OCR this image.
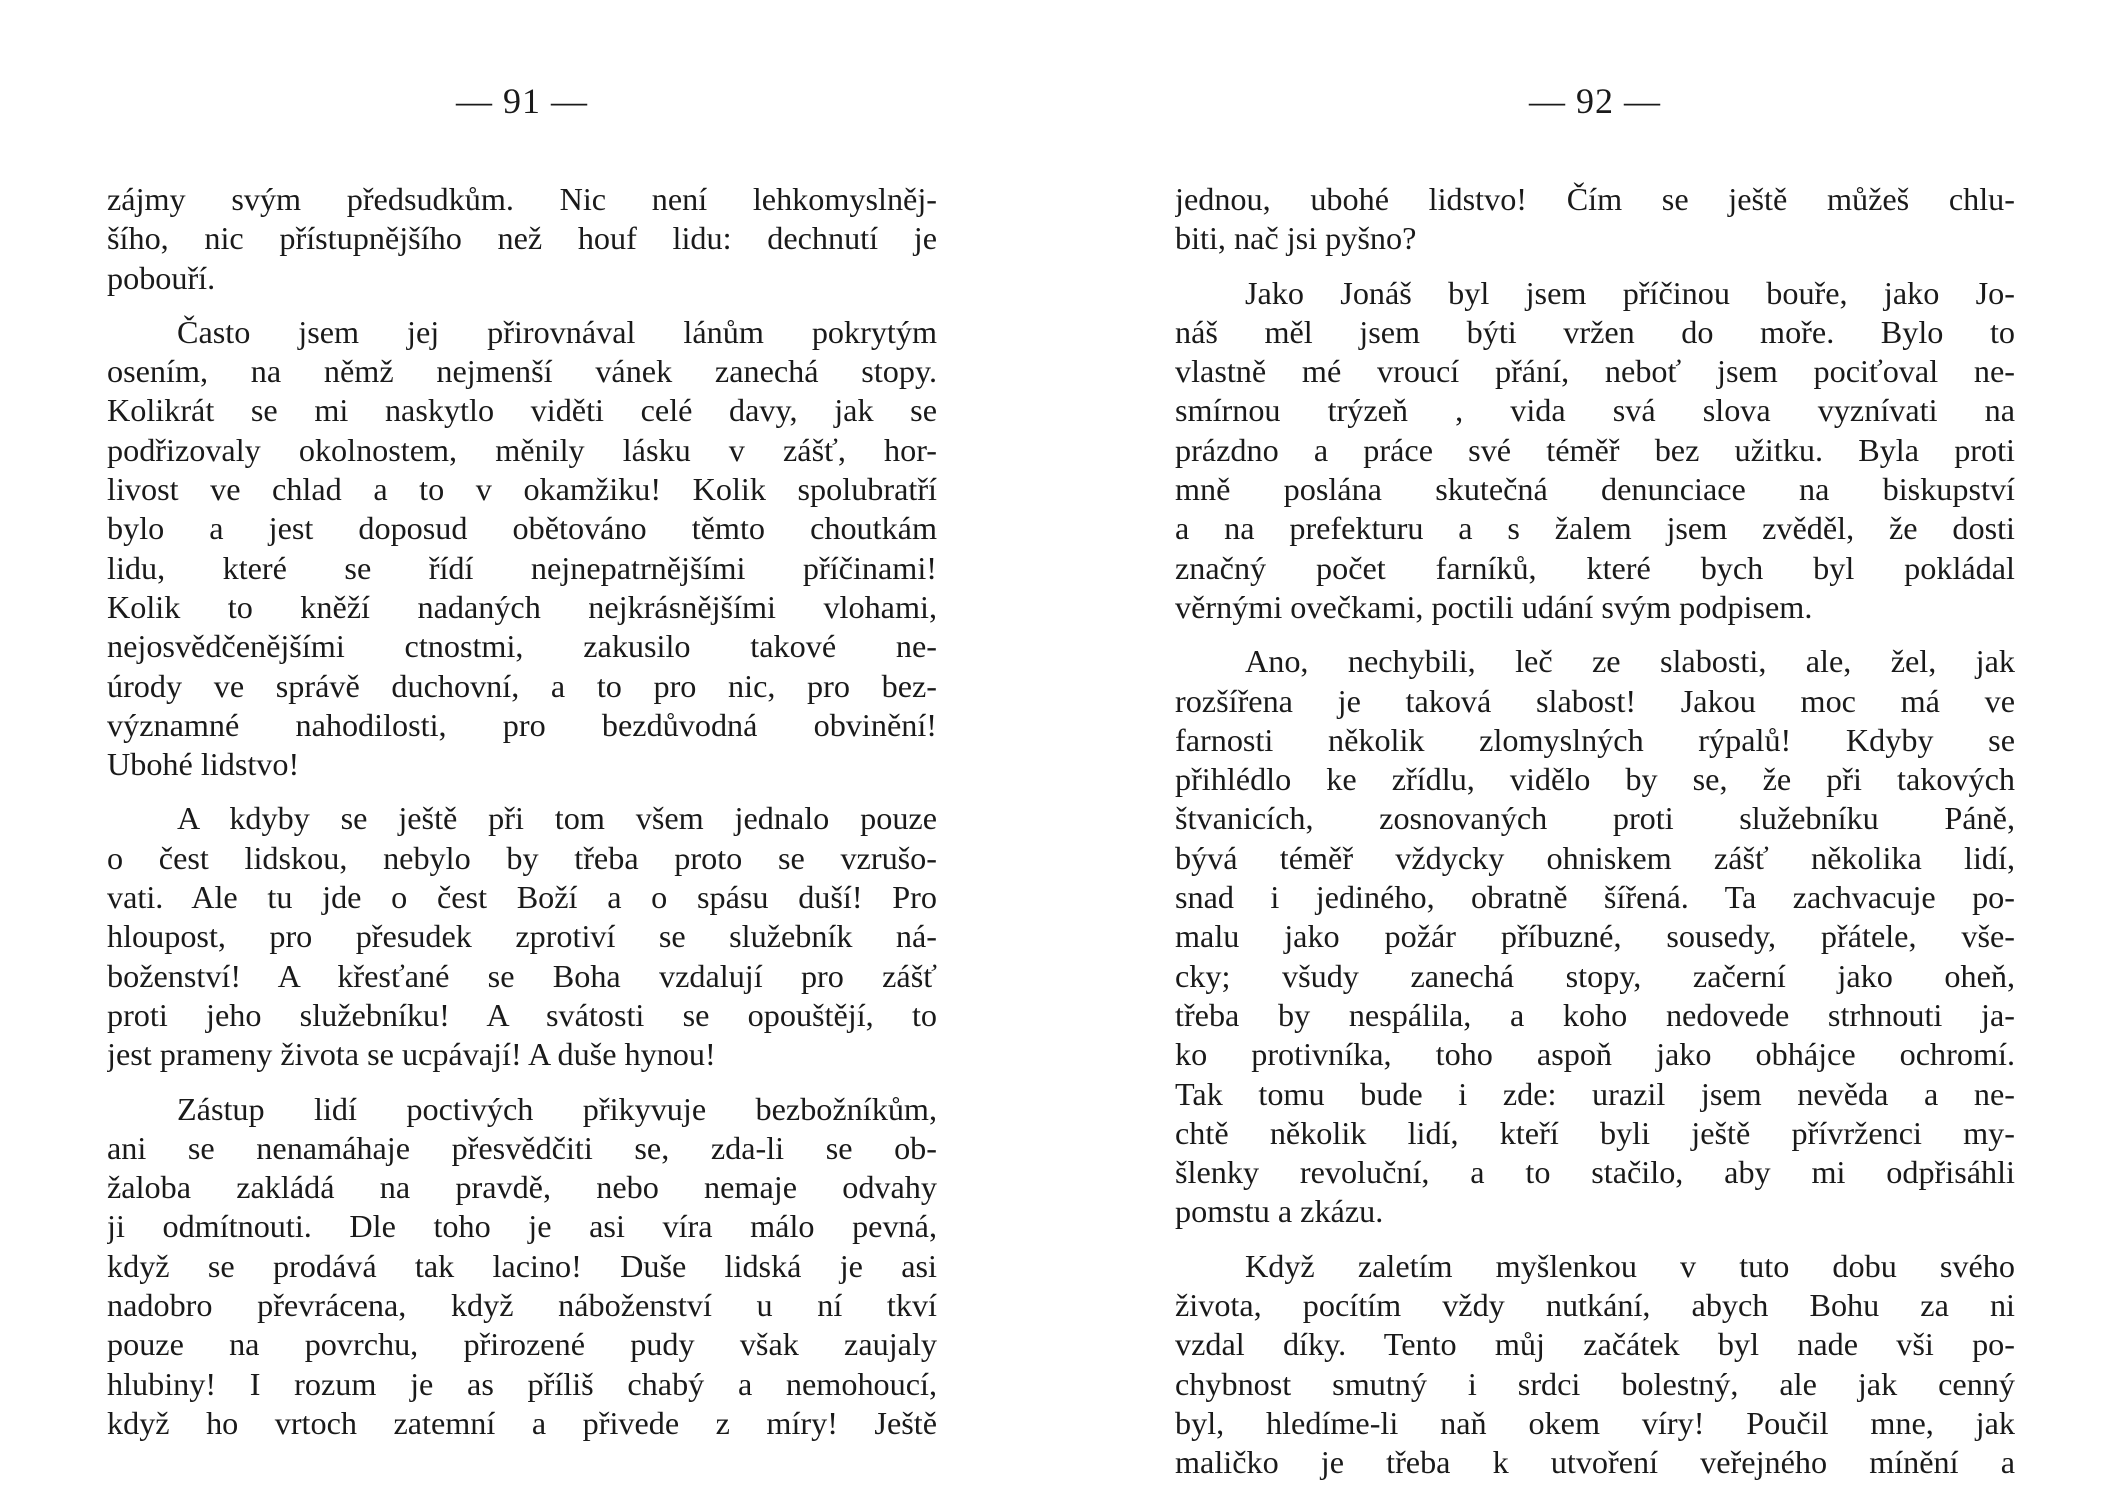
— 91 —
zájmy svým předsudkům. Nic není lehkomyslněj-
šího, nic přístupnějšího než houf lidu: dechnutí je
pobouří.
Často jsem jej přirovnával lánům pokrytým
osením, na němž nejmenší vánek zanechá stopy.
Kolikrát se mi naskytlo viděti celé davy, jak se
podřizovaly okolnostem, měnily lásku v zášť, hor-
livost ve chlad a to v okamžiku! Kolik spolubratří
bylo a jest doposud obětováno těmto choutkám
lidu, které se řídí nejnepatrnějšími příčinami!
Kolik to kněží nadaných nejkrásnějšími vlohami,
nejosvědčenějšími ctnostmi, zakusilo takové ne-
úrody ve správě duchovní, a to pro nic, pro bez-
významné nahodilosti, pro bezdůvodná obvinění!
Ubohé lidstvo!
A kdyby se ještě při tom všem jednalo pouze
o čest lidskou, nebylo by třeba proto se vzrušo-
vati. Ale tu jde o čest Boží a o spásu duší! Pro
hloupost, pro přesudek zprotiví se služebník ná-
boženství! A křesťané se Boha vzdalují pro zášť
proti jeho služebníku! A svátosti se opouštějí, to
jest prameny života se ucpávají! A duše hynou!
Zástup lidí poctivých přikyvuje bezbožníkům,
ani se nenamáhaje přesvědčiti se, zda-li se ob-
žaloba zakládá na pravdě, nebo nemaje odvahy
ji odmítnouti. Dle toho je asi víra málo pevná,
když se prodává tak lacino! Duše lidská je asi
nadobro převrácena, když náboženství u ní tkví
pouze na povrchu, přirozené pudy však zaujaly
hlubiny! I rozum je as příliš chabý a nemohoucí,
když ho vrtoch zatemní a přivede z míry! Ještě
— 92 —
jednou, ubohé lidstvo! Čím se ještě můžeš chlu-
biti, nač jsi pyšno?
Jako Jonáš byl jsem příčinou bouře, jako Jo-
náš měl jsem býti vržen do moře. Bylo to
vlastně mé vroucí přání, neboť jsem pociťoval ne-
smírnou trýzeň , vida svá slova vyznívati na
prázdno a práce své téměř bez užitku. Byla proti
mně poslána skutečná denunciace na biskupství
a na prefekturu a s žalem jsem zvěděl, že dosti
značný počet farníků, které bych byl pokládal
věrnými ovečkami, poctili udání svým podpisem.
Ano, nechybili, leč ze slabosti, ale, žel, jak
rozšířena je taková slabost! Jakou moc má ve
farnosti několik zlomyslných rýpalů! Kdyby se
přihlédlo ke zřídlu, vidělo by se, že při takových
štvanicích, zosnovaných proti služebníku Páně,
bývá téměř vždycky ohniskem zášť několika lidí,
snad i jediného, obratně šířená. Ta zachvacuje po-
malu jako požár příbuzné, sousedy, přátele, vše-
cky; všudy zanechá stopy, začerní jako oheň,
třeba by nespálila, a koho nedovede strhnouti ja-
ko protivníka, toho aspoň jako obhájce ochromí.
Tak tomu bude i zde: urazil jsem nevěda a ne-
chtě několik lidí, kteří byli ještě přívrženci my-
šlenky revoluční, a to stačilo, aby mi odpřisáhli
pomstu a zkázu.
Když zaletím myšlenkou v tuto dobu svého
života, pocítím vždy nutkání, abych Bohu za ni
vzdal díky. Tento můj začátek byl nade vši po-
chybnost smutný i srdci bolestný, ale jak cenný
byl, hledíme-li naň okem víry! Poučil mne, jak
maličko je třeba k utvoření veřejného mínění a
